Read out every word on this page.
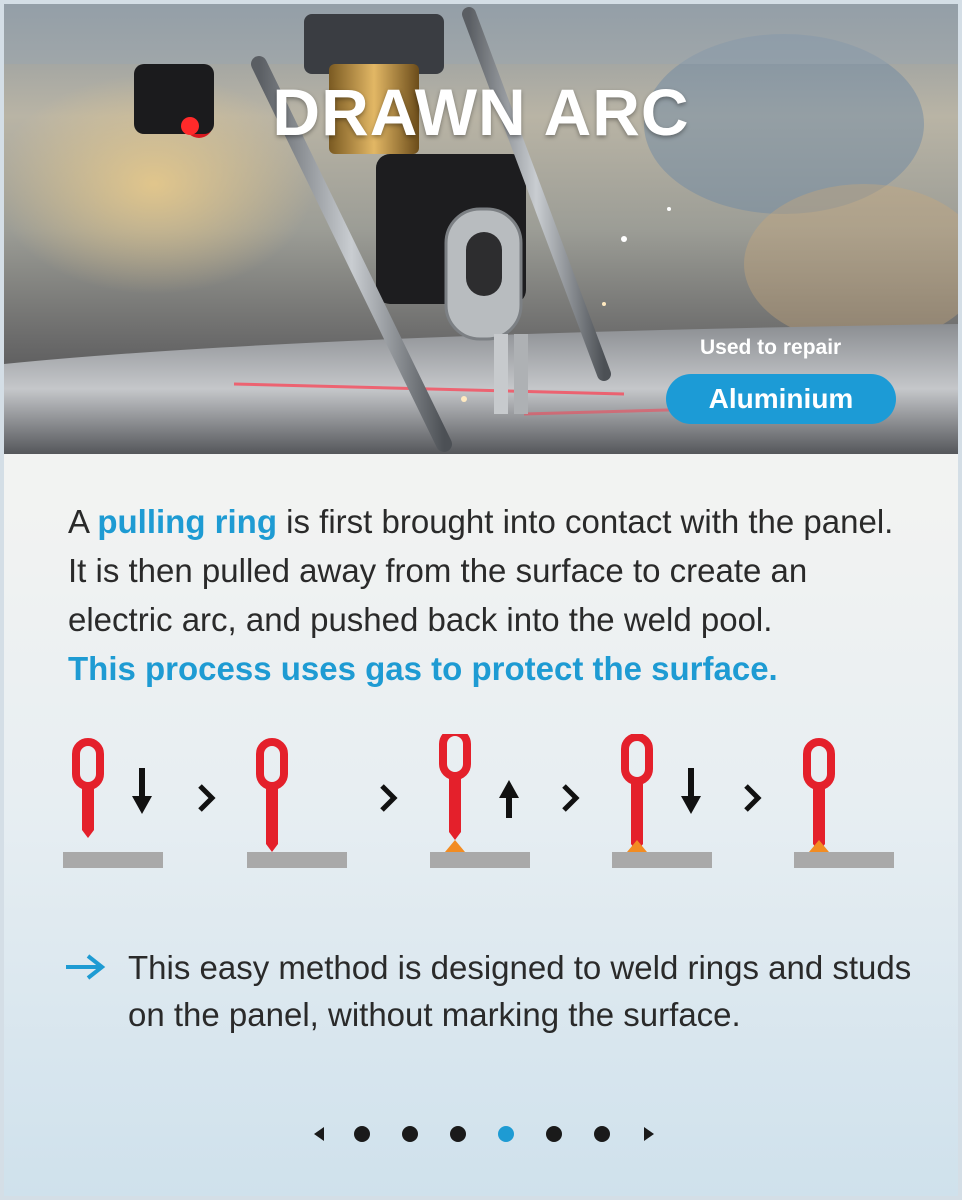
DRAWN ARC
Used to repair
Aluminium
A pulling ring is first brought into contact with the panel. It is then pulled away from the surface to create an electric arc, and pushed back into the weld pool.
This process uses gas to protect the surface.
This easy method is designed to weld rings and studs on the panel, without marking the surface.
